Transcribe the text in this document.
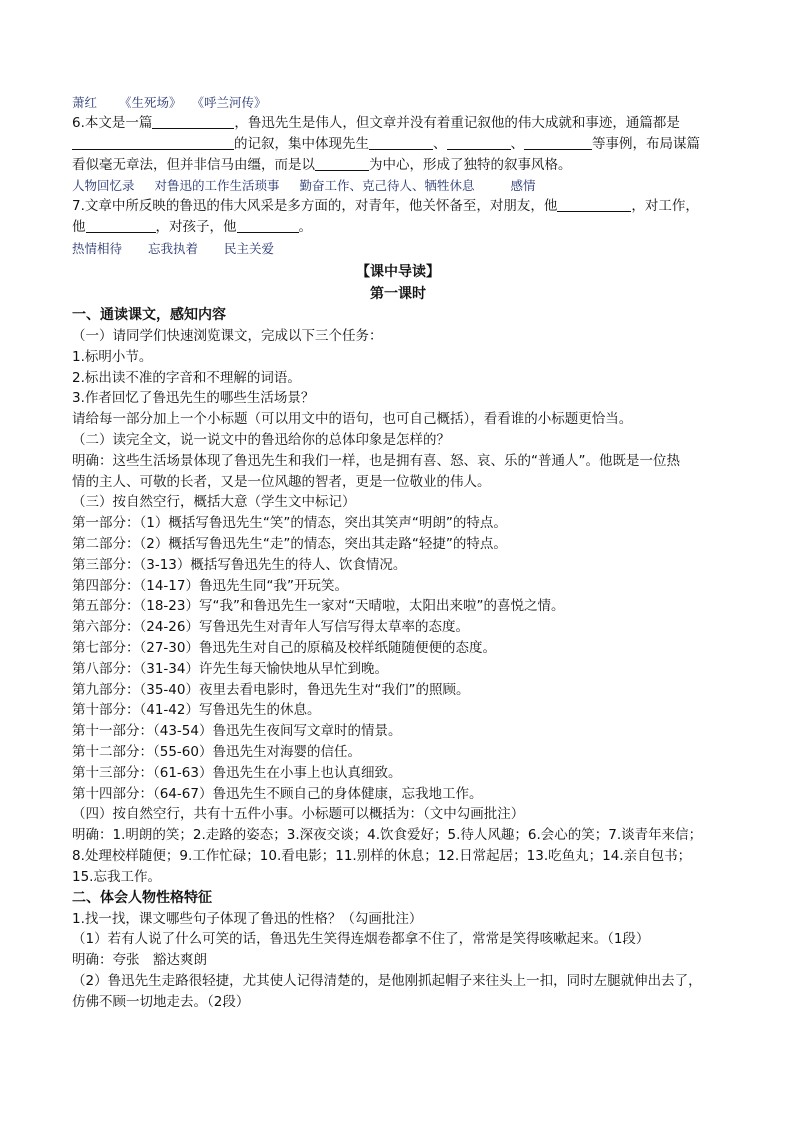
萧红 《生死场》 《呼兰河传》
6.本文是一篇	，鲁迅先生是伟人，但文章并没有着重记叙他的伟大成就和事迹，通篇都是
的记叙，集中体现先生	、	、	等事例，布局谋篇
看似毫无章法，但并非信马由缰，而是以	为中心，形成了独特的叙事风格。
人物回忆录 对鲁迅的工作生活琐事 勤奋工作、克己待人、牺牲休息	感情
7.文章中所反映的鲁迅的伟大风采是多方面的，对青年，他关怀备至，对朋友，他	，对工作，
他	，对孩子，他	。
热情相待 忘我执着 民主关爱
【课中导读】
第一课时
一、通读课文，感知内容
（一）请同学们快速浏览课文，完成以下三个任务：
1.标明小节。
2.标出读不准的字音和不理解的词语。
3.作者回忆了鲁迅先生的哪些生活场景？
请给每一部分加上一个小标题（可以用文中的语句，也可自己概括），看看谁的小标题更恰当。
（二）读完全文，说一说文中的鲁迅给你的总体印象是怎样的？
明确：这些生活场景体现了鲁迅先生和我们一样，也是拥有喜、怒、哀、乐的“普通人”。他既是一位热
情的主人、可敬的长者，又是一位风趣的智者，更是一位敬业的伟人。
（三）按自然空行，概括大意（学生文中标记）
第一部分：（1）概括写鲁迅先生“笑”的情态，突出其笑声“明朗”的特点。
第二部分：（2）概括写鲁迅先生“走”的情态，突出其走路“轻捷”的特点。
第三部分：（3-13）概括写鲁迅先生的待人、饮食情况。
第四部分：（14-17）鲁迅先生同“我”开玩笑。
第五部分：（18-23）写“我”和鲁迅先生一家对“天晴啦，太阳出来啦”的喜悦之情。
第六部分：（24-26）写鲁迅先生对青年人写信写得太草率的态度。
第七部分：（27-30）鲁迅先生对自己的原稿及校样纸随随便便的态度。
第八部分：（31-34）许先生每天愉快地从早忙到晚。
第九部分：（35-40）夜里去看电影时，鲁迅先生对“我们”的照顾。
第十部分：（41-42）写鲁迅先生的休息。
第十一部分：（43-54）鲁迅先生夜间写文章时的情景。
第十二部分：（55-60）鲁迅先生对海婴的信任。
第十三部分：（61-63）鲁迅先生在小事上也认真细致。
第十四部分：（64-67）鲁迅先生不顾自己的身体健康，忘我地工作。
（四）按自然空行，共有十五件小事。小标题可以概括为：（文中勾画批注）
明确：1.明朗的笑；2.走路的姿态；3.深夜交谈；4.饮食爱好；5.待人风趣；6.会心的笑；7.谈青年来信；
8.处理校样随便；9.工作忙碌；10.看电影；11.别样的休息；12.日常起居；13.吃鱼丸；14.亲自包书；
15.忘我工作。
二、体会人物性格特征
1.找一找，课文哪些句子体现了鲁迅的性格？（勾画批注）
（1）若有人说了什么可笑的话，鲁迅先生笑得连烟卷都拿不住了，常常是笑得咳嗽起来。（1段）
明确：夸张　豁达爽朗
（2）鲁迅先生走路很轻捷，尤其使人记得清楚的，是他刚抓起帽子来往头上一扣，同时左腿就伸出去了，
仿佛不顾一切地走去。（2段）
